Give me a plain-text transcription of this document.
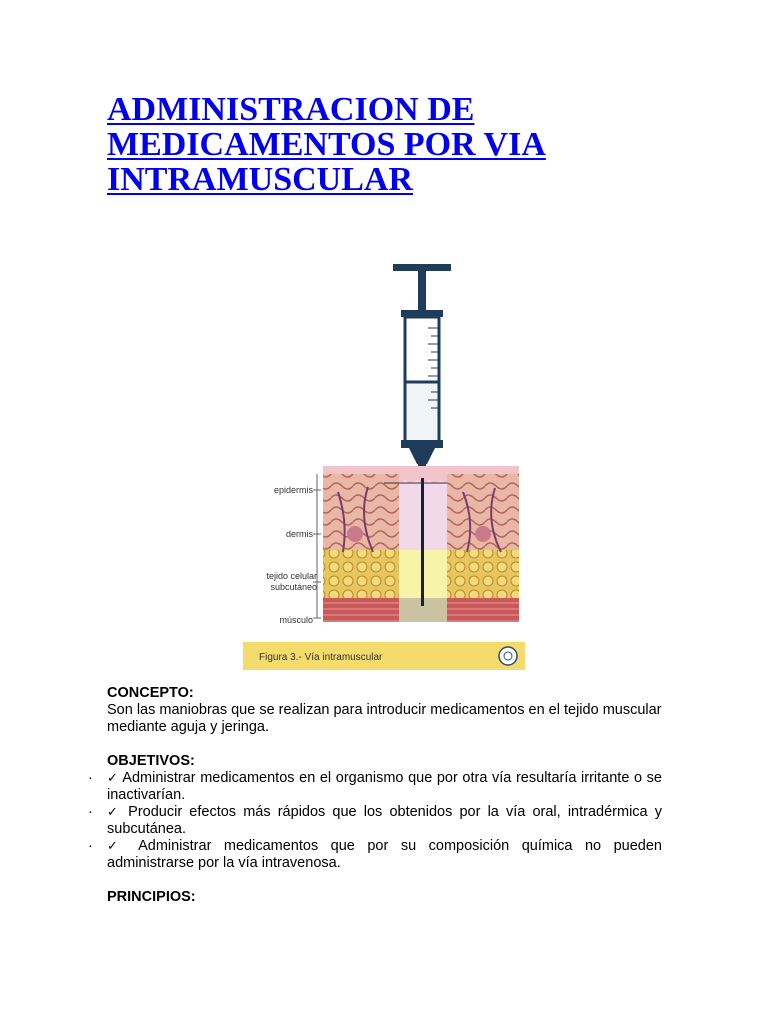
ADMINISTRACION DE
MEDICAMENTOS POR VIA
INTRAMUSCULAR
epidermis
dermis
tejido celular
subcutáneo
músculo
Figura 3.- Vía intramuscular
CONCEPTO:
Son las maniobras que se realizan para introducir medicamentos en el tejido muscular mediante aguja y jeringa.
OBJETIVOS:
·	✓ Administrar medicamentos en el organismo que por otra vía resultaría irritante o se inactivarían.
·	✓ Producir efectos más rápidos que los obtenidos por la vía oral, intradérmica y subcutánea.
·	✓ Administrar medicamentos que por su composición química no pueden administrarse por la vía intravenosa.
PRINCIPIOS:
